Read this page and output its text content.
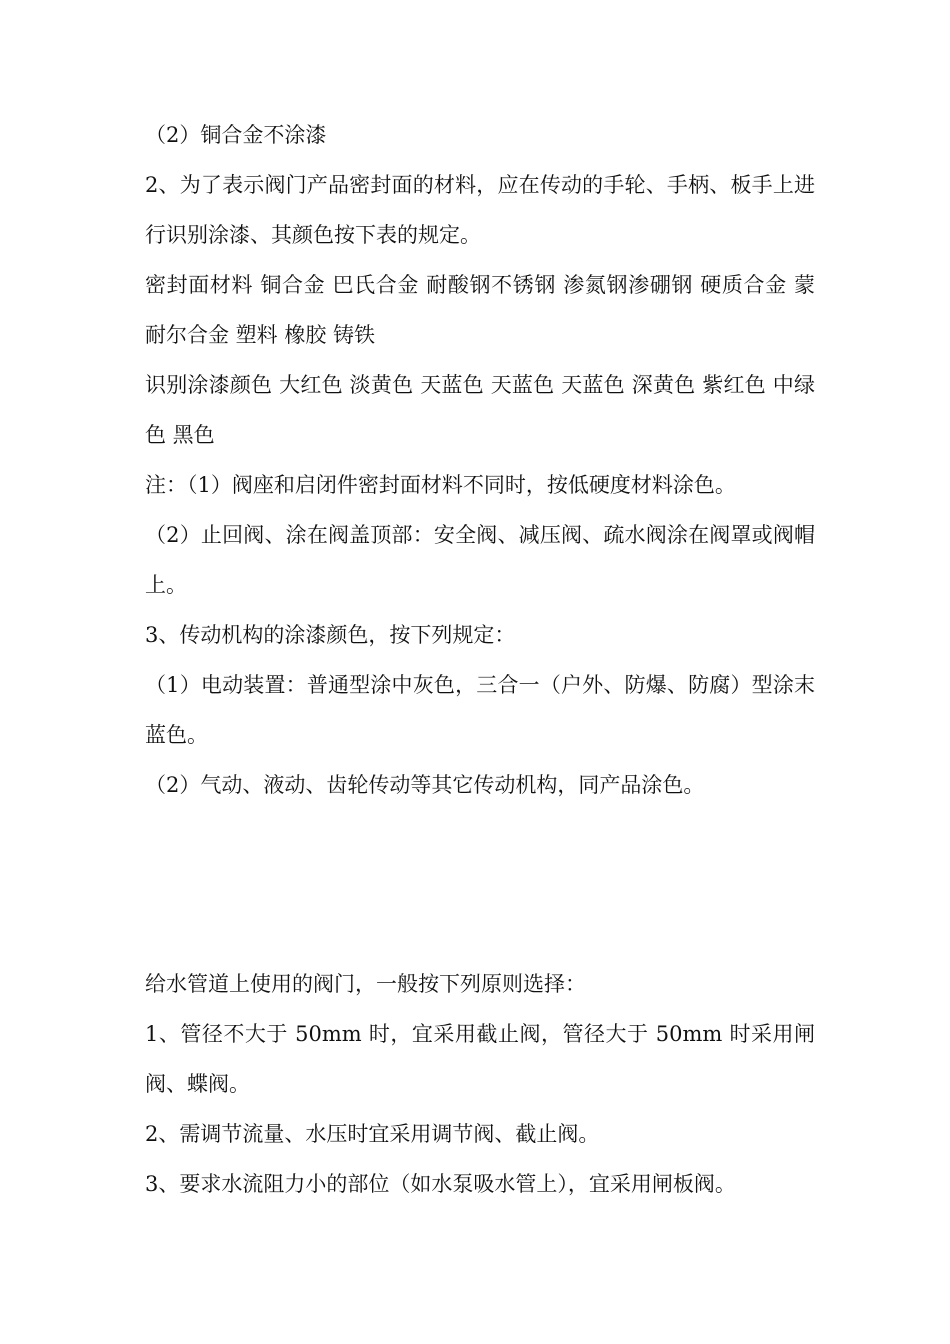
（2）铜合金不涂漆

2、为了表示阀门产品密封面的材料，应在传动的手轮、手柄、板手上进行识别涂漆、其颜色按下表的规定。

密封面材料 铜合金 巴氏合金 耐酸钢不锈钢 渗氮钢渗硼钢 硬质合金 蒙耐尔合金 塑料 橡胶 铸铁

识别涂漆颜色 大红色 淡黄色 天蓝色 天蓝色 天蓝色 深黄色 紫红色 中绿色 黑色

注：（1）阀座和启闭件密封面材料不同时，按低硬度材料涂色。

（2）止回阀、涂在阀盖顶部：安全阀、减压阀、疏水阀涂在阀罩或阀帽上。

3、传动机构的涂漆颜色，按下列规定：

（1）电动装置：普通型涂中灰色，三合一（户外、防爆、防腐）型涂末蓝色。

（2）气动、液动、齿轮传动等其它传动机构，同产品涂色。

给水管道上使用的阀门，一般按下列原则选择：

1、管径不大于 50mm 时，宜采用截止阀，管径大于 50mm 时采用闸阀、蝶阀。

2、需调节流量、水压时宜采用调节阀、截止阀。

3、要求水流阻力小的部位（如水泵吸水管上），宜采用闸板阀。
